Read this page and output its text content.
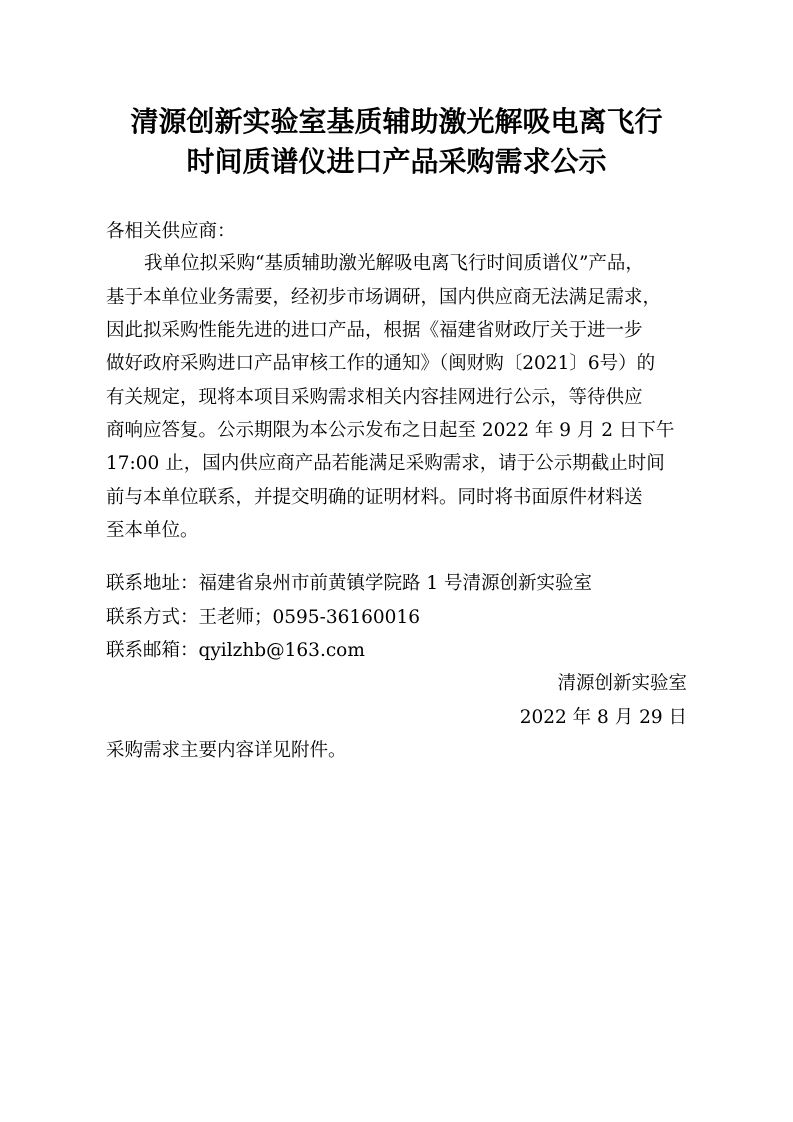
清源创新实验室基质辅助激光解吸电离飞行
时间质谱仪进口产品采购需求公示
各相关供应商：
我单位拟采购“基质辅助激光解吸电离飞行时间质谱仪”产品，
基于本单位业务需要，经初步市场调研，国内供应商无法满足需求，
因此拟采购性能先进的进口产品，根据《福建省财政厅关于进一步
做好政府采购进口产品审核工作的通知》（闽财购〔2021〕6号）的
有关规定，现将本项目采购需求相关内容挂网进行公示，等待供应
商响应答复。公示期限为本公示发布之日起至 2022 年 9 月 2 日下午
17:00 止，国内供应商产品若能满足采购需求，请于公示期截止时间
前与本单位联系，并提交明确的证明材料。同时将书面原件材料送
至本单位。
联系地址：福建省泉州市前黄镇学院路 1 号清源创新实验室
联系方式：王老师；0595-36160016
联系邮箱：qyilzhb@163.com
清源创新实验室
2022 年 8 月 29 日
采购需求主要内容详见附件。
